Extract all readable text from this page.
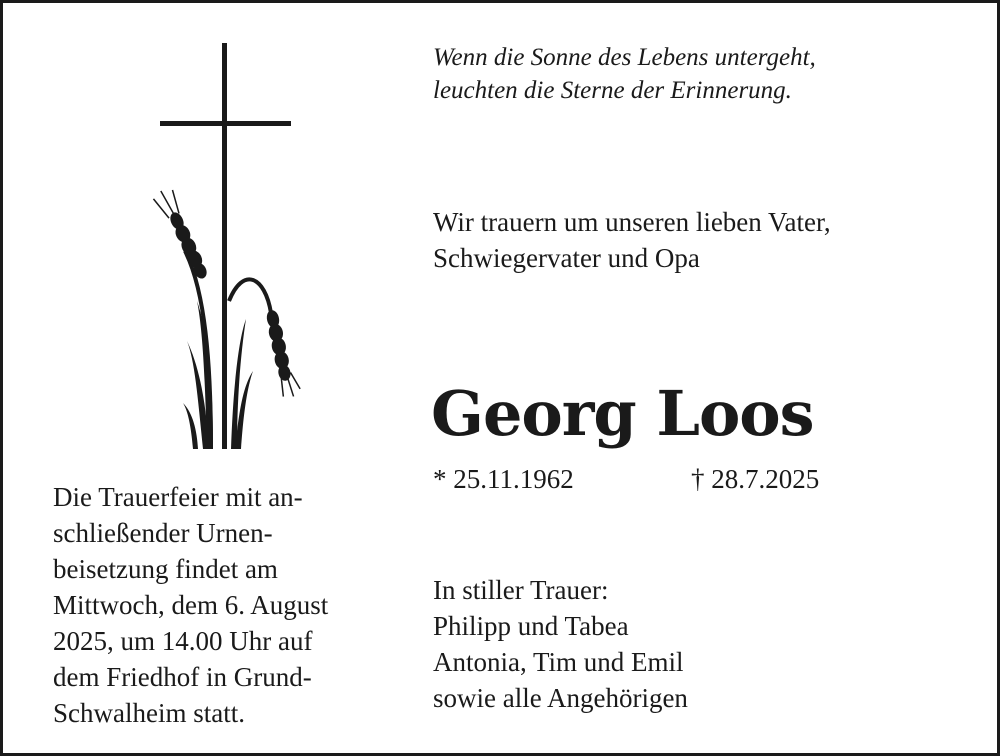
Wenn die Sonne des Lebens untergeht,
leuchten die Sterne der Erinnerung.
Wir trauern um unseren lieben Vater,
Schwiegervater und Opa
Georg Loos
* 25.11.1962	† 28.7.2025
Die Trauerfeier mit an-
schließender Urnen-
beisetzung findet am
Mittwoch, dem 6. August
2025, um 14.00 Uhr auf
dem Friedhof in Grund-
Schwalheim statt.
In stiller Trauer:
Philipp und Tabea
Antonia, Tim und Emil
sowie alle Angehörigen
